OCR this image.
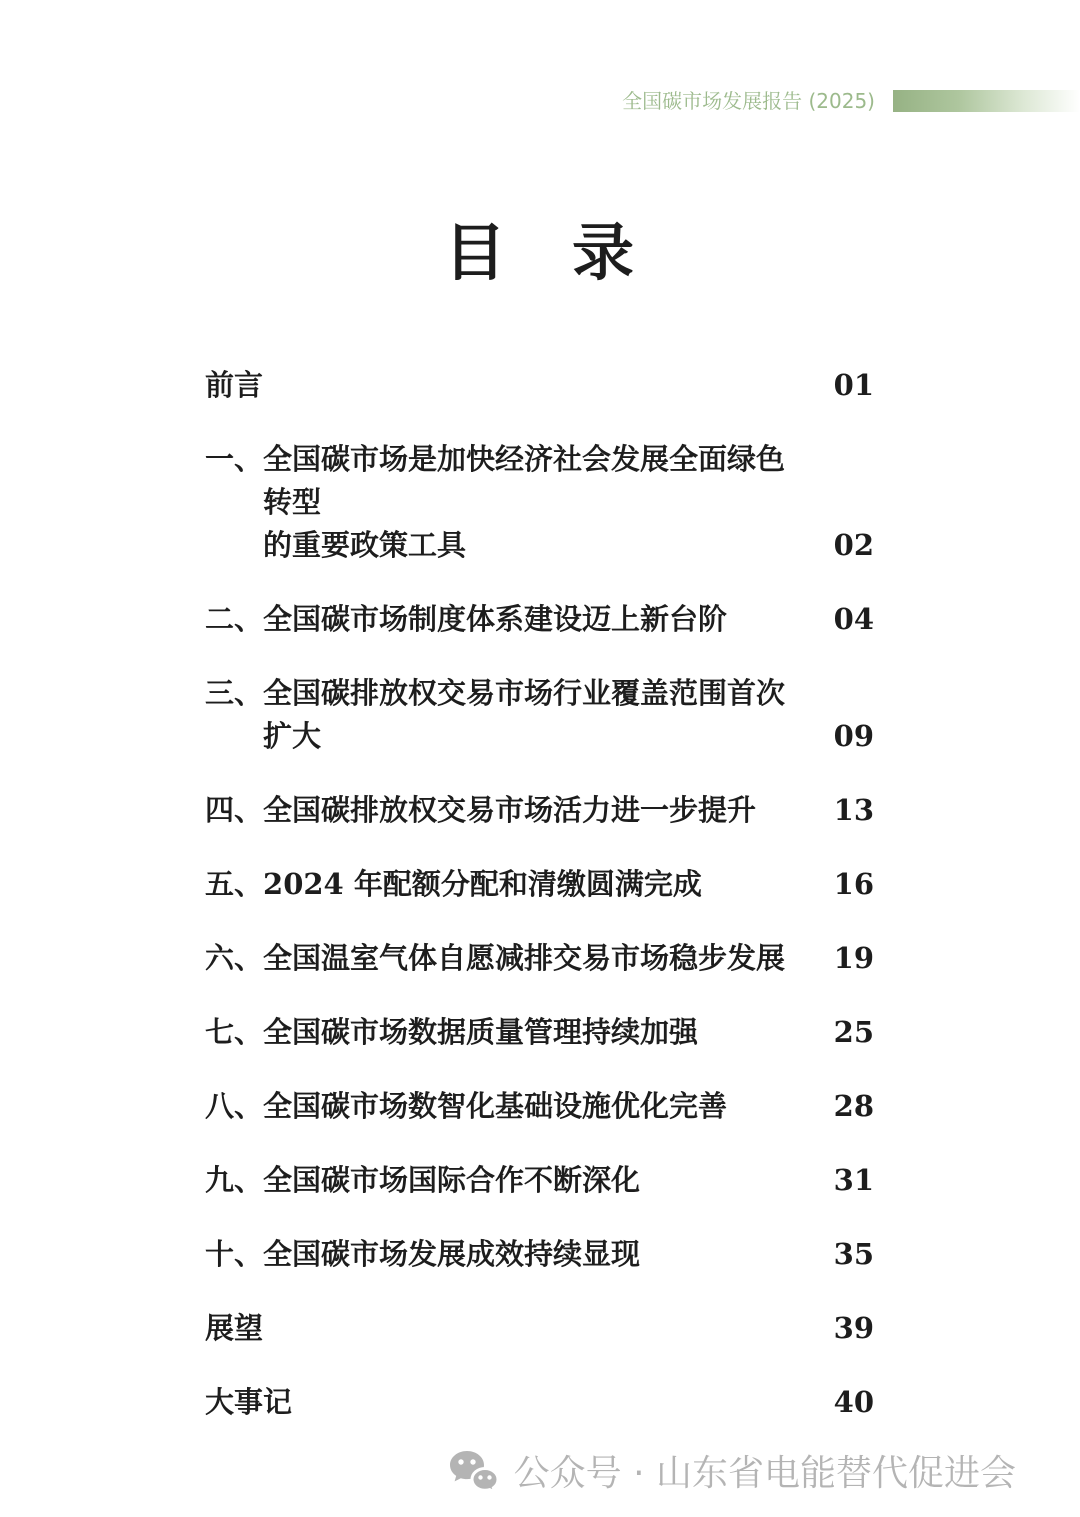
全国碳市场发展报告 (2025)
目　录
前言	01
一、 全国碳市场是加快经济社会发展全面绿色转型
的重要政策工具	02
二、 全国碳市场制度体系建设迈上新台阶	04
三、 全国碳排放权交易市场行业覆盖范围首次扩大	09
四、 全国碳排放权交易市场活力进一步提升	13
五、 2024 年配额分配和清缴圆满完成	16
六、 全国温室气体自愿减排交易市场稳步发展 19
七、 全国碳市场数据质量管理持续加强	25
八、 全国碳市场数智化基础设施优化完善	28
九、 全国碳市场国际合作不断深化	31
十、 全国碳市场发展成效持续显现	35
展望	39
大事记	40
公众号 · 山东省电能替代促进会
